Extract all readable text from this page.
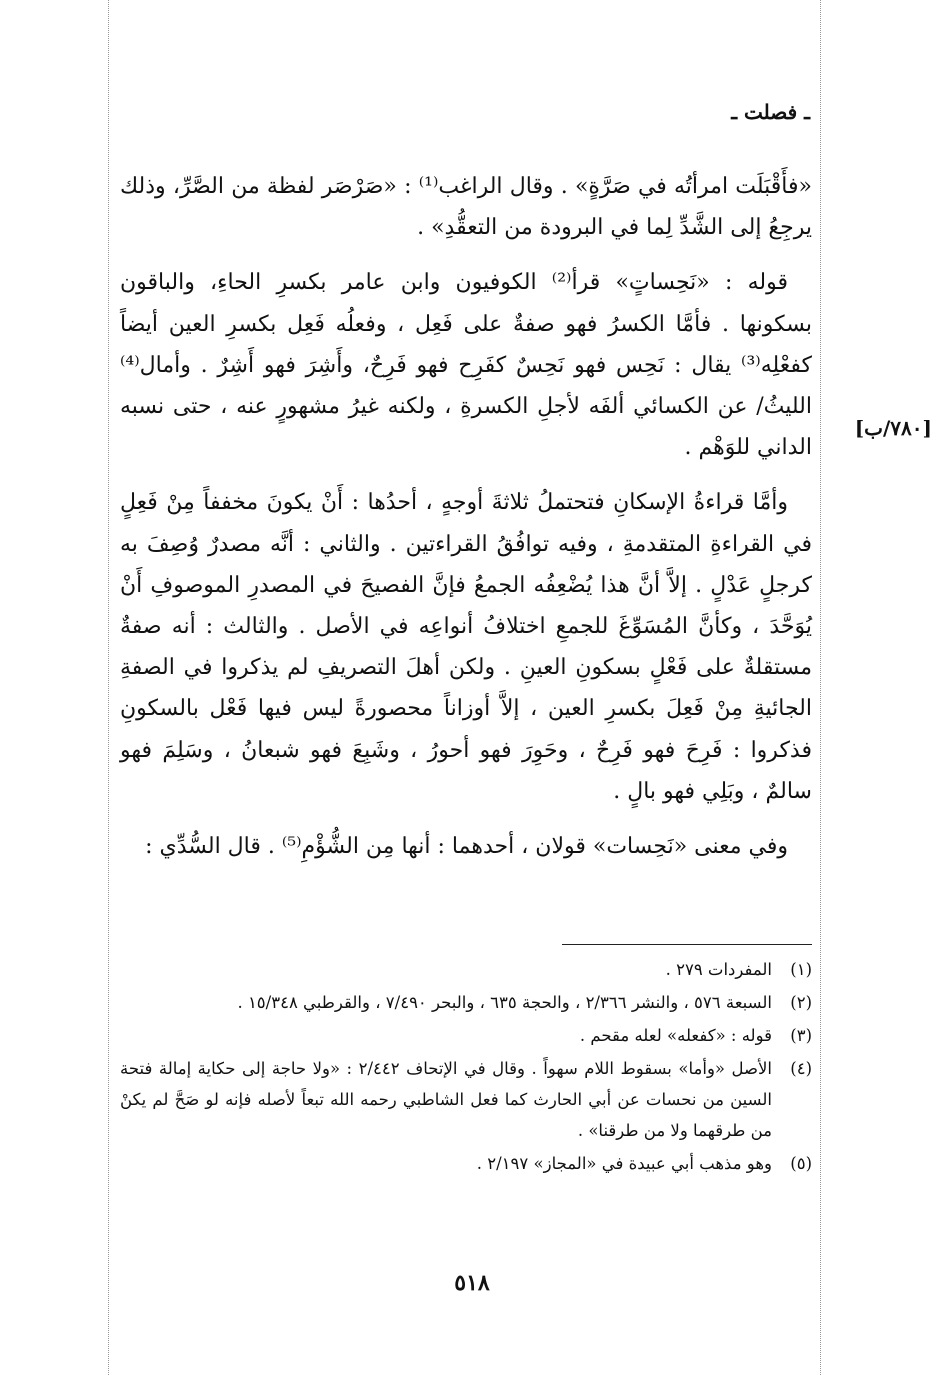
ـ فصلت ـ
[٧٨٠/ب]

«فأَقْبَلَت امرأتُه في صَرَّةٍ» . وقال الراغب⁽¹⁾ : «صَرْصَر لفظة من الصَّرِّ، وذلك يرجِعُ إلى الشَّدِّ لِما في البرودة من التعقُّدِ» .

قوله : «نَحِساتٍ» قرأ⁽²⁾ الكوفيون وابن عامر بكسرِ الحاءِ، والباقون بسكونها . فأمَّا الكسرُ فهو صفةٌ على فَعِل ، وفعلُه فَعِل بكسرِ العين أيضاً كفعْلِه⁽³⁾ يقال : نَحِس فهو نَحِسٌ كفَرِح فهو فَرِحٌ، وأَشِرَ فهو أَشِرٌ . وأمال⁽⁴⁾ الليثُ/ عن الكسائي ألفَه لأجلِ الكسرةِ ، ولكنه غيرُ مشهورٍ عنه ، حتى نسبه الداني للوَهْم .

وأمَّا قراءةُ الإسكانِ فتحتملُ ثلاثةَ أوجهٍ ، أحدُها : أَنْ يكونَ مخففاً مِنْ فَعِلٍ في القراءةِ المتقدمةِ ، وفيه توافُقُ القراءتين . والثاني : أنَّه مصدرٌ وُصِفَ به كرجلٍ عَدْلٍ . إلاَّ أنَّ هذا يُضْعِفُه الجمعُ فإنَّ الفصيحَ في المصدرِ الموصوفِ أَنْ يُوَحَّدَ ، وكأنَّ المُسَوِّغَ للجمعِ اختلافُ أنواعِه في الأصل . والثالث : أنه صفةٌ مستقلةٌ على فَعْلٍ بسكونِ العينِ . ولكن أهلَ التصريفِ لم يذكروا في الصفةِ الجائيةِ مِنْ فَعِلَ بكسرِ العين ، إلاَّ أوزاناً محصورةً ليس فيها فَعْل بالسكونِ فذكروا : فَرِحَ فهو فَرِحٌ ، وحَوِرَ فهو أحورُ ، وشَبِعَ فهو شبعانُ ، وسَلِمَ فهو سالمٌ ، وبَلِي فهو بالٍ .

وفي معنى «نَحِسات» قولان ، أحدهما : أنها مِن الشُّؤْمِ⁽⁵⁾ . قال السُّدِّي :

(١)
المفردات ٢٧٩ .
(٢)
السبعة ٥٧٦ ، والنشر ٢/٣٦٦ ، والحجة ٦٣٥ ، والبحر ٧/٤٩٠ ، والقرطبي ١٥/٣٤٨ .
(٣)
قوله : «كفعله» لعله مقحم .
(٤)
الأصل «وأما» بسقوط اللام سهواً . وقال في الإتحاف ٢/٤٤٢ : «ولا حاجة إلى حكاية إمالة فتحة السين من نحسات عن أبي الحارث كما فعل الشاطبي رحمه الله تبعاً لأصله فإنه لو صَحَّ لم يكنْ من طرقهما ولا من طرقنا» .
(٥)
وهو مذهب أبي عبيدة في «المجاز» ٢/١٩٧ .
٥١٨
